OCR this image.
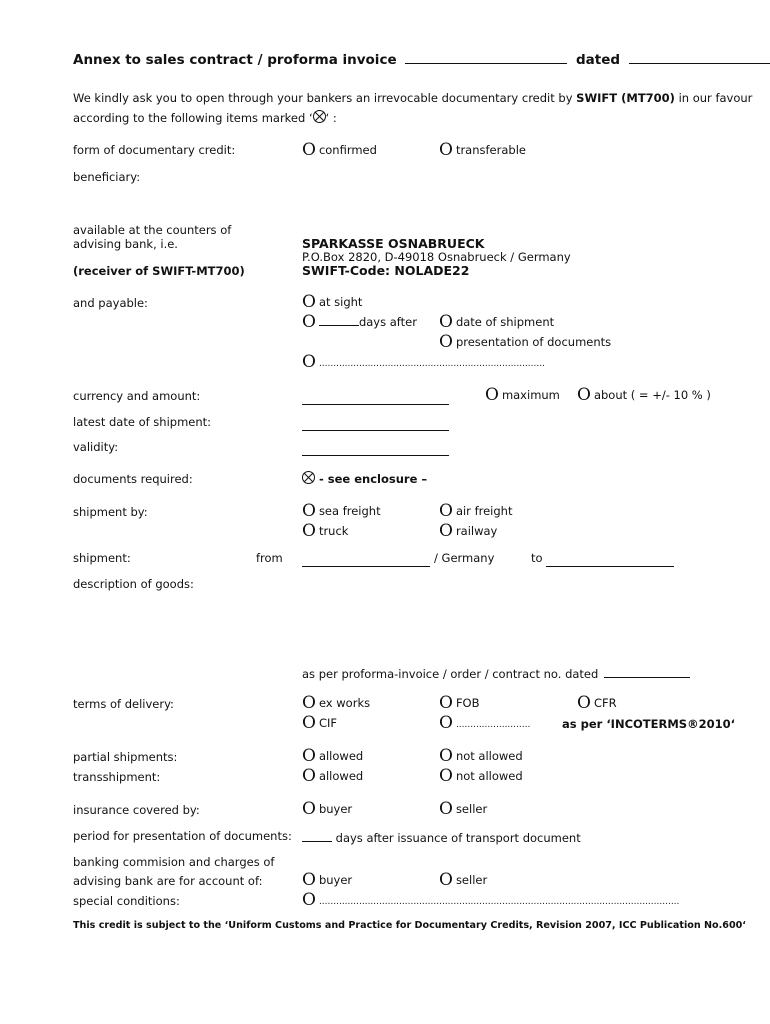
Annex to sales contract / proforma invoice	dated
We kindly ask you to open through your bankers an irrevocable documentary credit by SWIFT (MT700) in our favour
according to the following items marked ‘ ‘ :
form of documentary credit:	O confirmed	O transferable
beneficiary:
available at the counters of
advising bank, i.e.
(receiver of SWIFT-MT700)
SPARKASSE OSNABRUECK
P.O.Box 2820, D-49018 Osnabrueck / Germany
SWIFT-Code: NOLADE22
and payable:	O at sight
O	days after O date of shipment
O presentation of documents
O ...............................................................................
currency and amount:	O maximum O about ( = +/- 10 % )
latest date of shipment:
validity:
documents required:	- see enclosure –
shipment by:	O sea freight	O air freight
O truck	O railway
shipment:	from	/ Germany	to
description of goods:
as per proforma-invoice / order / contract no. dated
terms of delivery:	O ex works	O FOB	O CFR
O CIF	O ..........................	as per ‘INCOTERMS®2010‘
partial shipments:	O allowed	O not allowed
transshipment:	O allowed	O not allowed
insurance covered by:	O buyer	O seller
period for presentation of documents:	days after issuance of transport document
banking commision and charges of
advising bank are for account of: O buyer	O seller
special conditions:	O ..............................................................................................................................
This credit is subject to the ‘Uniform Customs and Practice for Documentary Credits, Revision 2007, ICC Publication No.600‘
